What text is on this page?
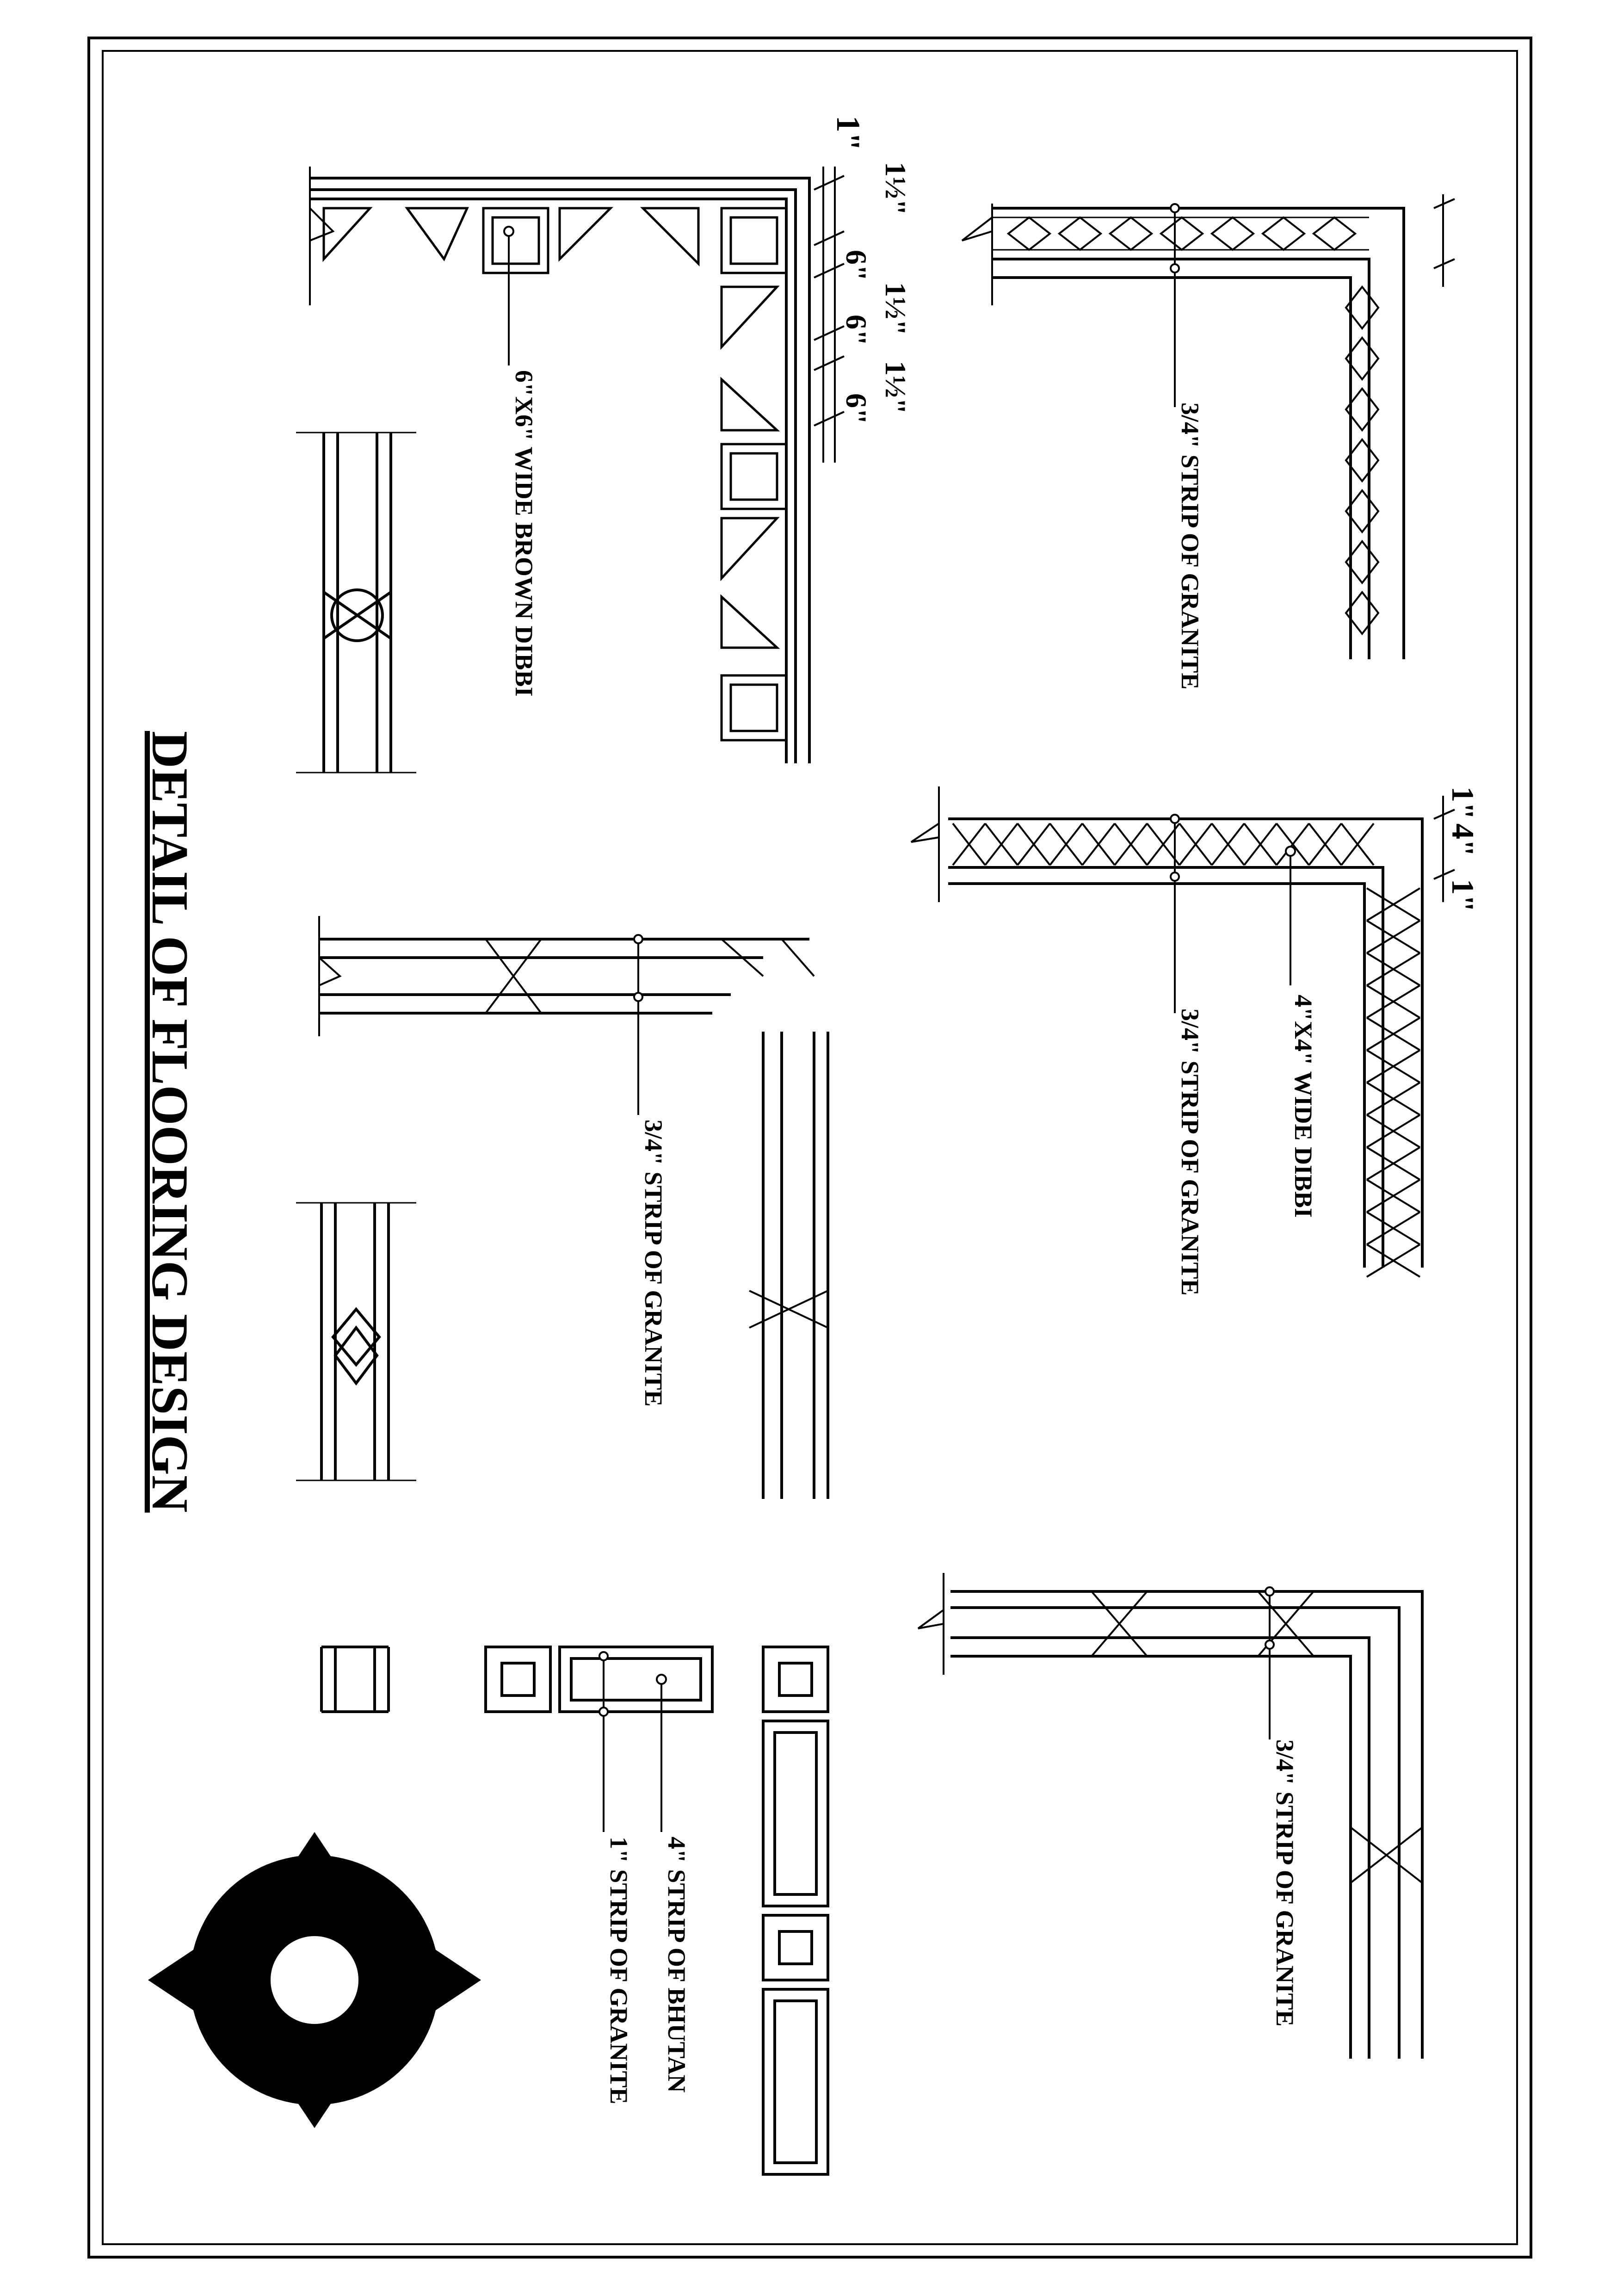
DETAIL OF FLOORING DESIGN
3/4" STRIP OF GRANITE
3/4" STRIP OF GRANITE	4"X4" WIDE DIBBI
3/4" STRIP OF GRANITE
6"X6" WIDE BROWN DIBBI
3/4" STRIP OF GRANITE
4" STRIP OF BHUTAN
1" STRIP OF GRANITE
1"
1½"
6"
1½"
6"
1½"
6"
1"
4"
1"
